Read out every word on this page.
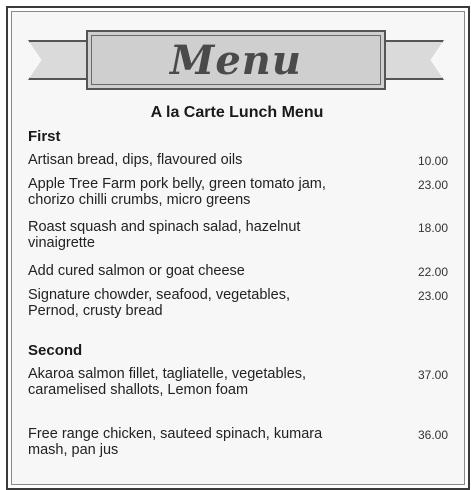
Menu
A la Carte Lunch Menu
First
Artisan bread, dips, flavoured oils	10.00
Apple Tree Farm pork belly, green tomato jam, chorizo chilli crumbs, micro greens
23.00
Roast squash and spinach salad, hazelnut vinaigrette
18.00
Add cured salmon or goat cheese	22.00
Signature chowder, seafood, vegetables, Pernod, crusty bread
23.00
Second
Akaroa salmon fillet, tagliatelle, vegetables, caramelised shallots, Lemon foam
37.00
Free range chicken, sauteed spinach, kumara mash, pan jus
36.00
